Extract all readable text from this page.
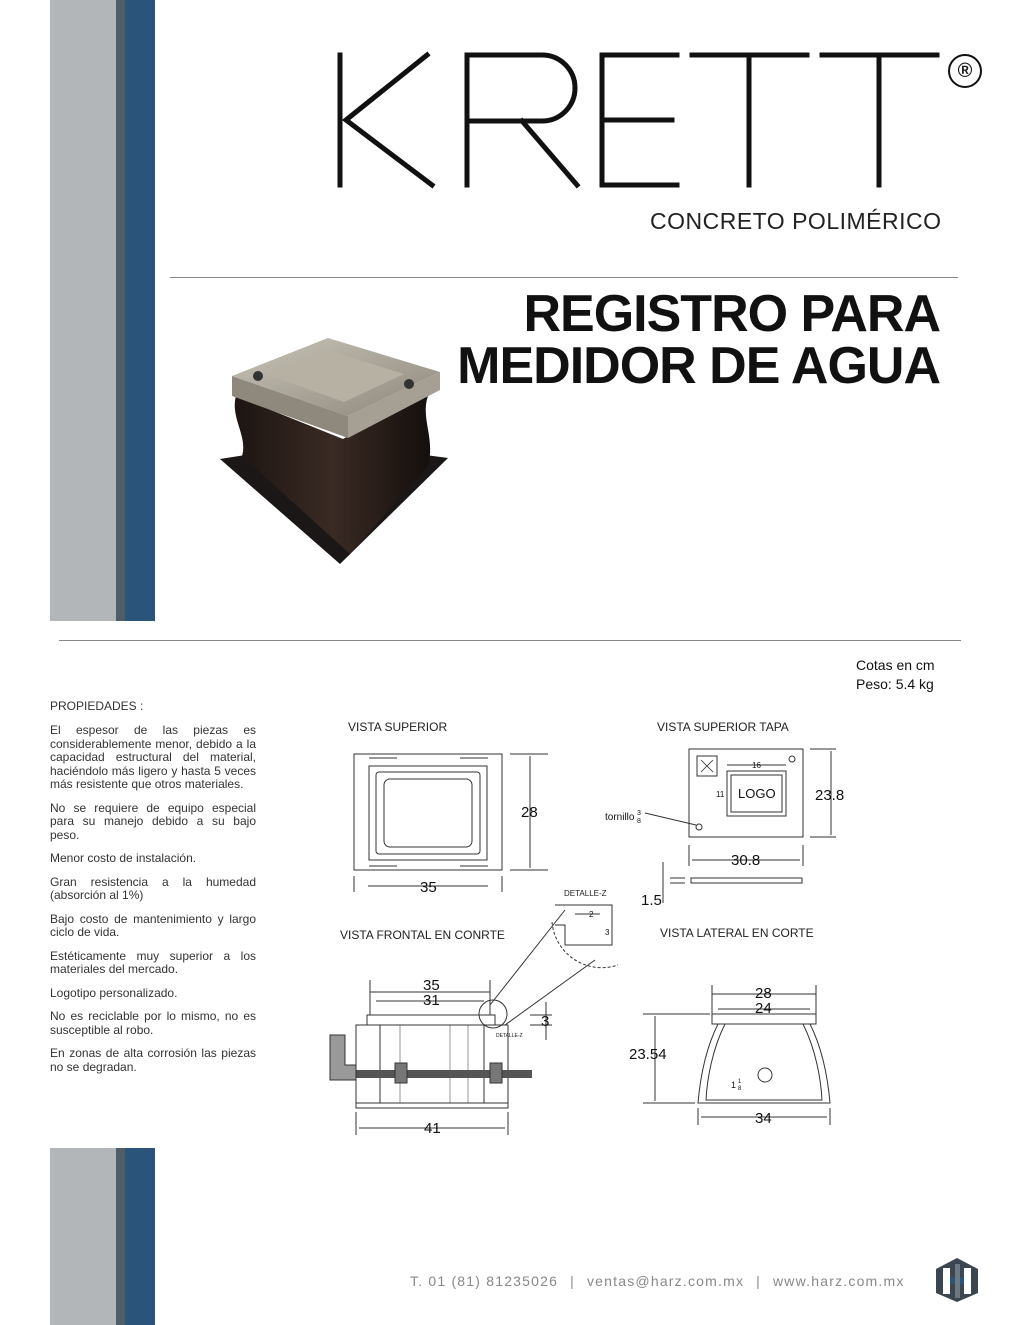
®
CONCRETO POLIMÉRICO
REGISTRO PARA
MEDIDOR DE AGUA
Cotas en cm
Peso: 5.4 kg
PROPIEDADES :

El espesor de las piezas es considerablemente menor, debido a la capacidad estructural del material, haciéndolo más ligero y hasta 5 veces más resistente que otros materiales.

No se requiere de equipo especial para su manejo debido a su bajo peso.

Menor costo de instalación.

Gran resistencia a la humedad (absorción al 1%)

Bajo costo de mantenimiento y largo ciclo de vida.

Estéticamente muy superior a los materiales del mercado.

Logotipo personalizado.

No es reciclable por lo mismo, no es susceptible al robo.

En zonas de alta corrosión las piezas no se degradan.

VISTA SUPERIOR
28
35
VISTA SUPERIOR TAPA
LOGO
16
11
tornillo 3
8
23.8
30.8
1.5
DETALLE-Z
2
3
DETALLE-Z
VISTA FRONTAL EN CONRTE
35
31
3
41
VISTA LATERAL EN CORTE
28
24
1 1
8
23.54
34
T. 01 (81) 81235026 | ventas@harz.com.mx | www.harz.com.mx
